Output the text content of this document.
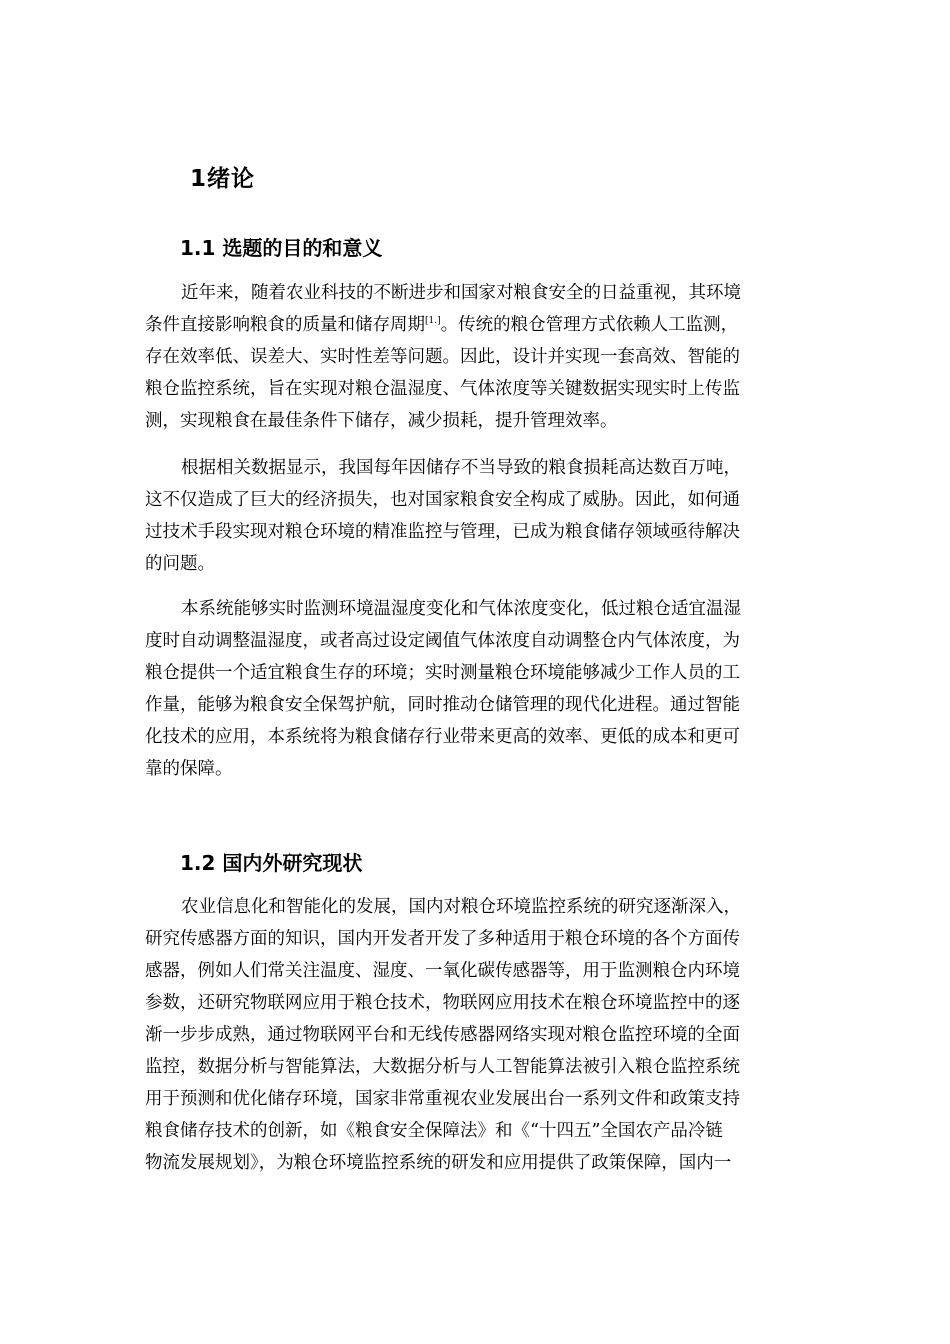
1绪论
1.1 选题的目的和意义
近年来，随着农业科技的不断进步和国家对粮食安全的日益重视，其环境
条件直接影响粮食的质量和储存周期[1.]。传统的粮仓管理方式依赖人工监测，
存在效率低、误差大、实时性差等问题。因此，设计并实现一套高效、智能的
粮仓监控系统，旨在实现对粮仓温湿度、气体浓度等关键数据实现实时上传监
测，实现粮食在最佳条件下储存，减少损耗，提升管理效率。
根据相关数据显示，我国每年因储存不当导致的粮食损耗高达数百万吨，
这不仅造成了巨大的经济损失，也对国家粮食安全构成了威胁。因此，如何通
过技术手段实现对粮仓环境的精准监控与管理，已成为粮食储存领域亟待解决
的问题。
本系统能够实时监测环境温湿度变化和气体浓度变化，低过粮仓适宜温湿
度时自动调整温湿度，或者高过设定阈值气体浓度自动调整仓内气体浓度，为
粮仓提供一个适宜粮食生存的环境；实时测量粮仓环境能够减少工作人员的工
作量，能够为粮食安全保驾护航，同时推动仓储管理的现代化进程。通过智能
化技术的应用，本系统将为粮食储存行业带来更高的效率、更低的成本和更可
靠的保障。
1.2 国内外研究现状
农业信息化和智能化的发展，国内对粮仓环境监控系统的研究逐渐深入，
研究传感器方面的知识，国内开发者开发了多种适用于粮仓环境的各个方面传
感器，例如人们常关注温度、湿度、一氧化碳传感器等，用于监测粮仓内环境
参数，还研究物联网应用于粮仓技术，物联网应用技术在粮仓环境监控中的逐
渐一步步成熟，通过物联网平台和无线传感器网络实现对粮仓监控环境的全面
监控，数据分析与智能算法，大数据分析与人工智能算法被引入粮仓监控系统
用于预测和优化储存环境，国家非常重视农业发展出台一系列文件和政策支持
粮食储存技术的创新，如《粮食安全保障法》和《“十四五”全国农产品冷链
物流发展规划》，为粮仓环境监控系统的研发和应用提供了政策保障，国内一
